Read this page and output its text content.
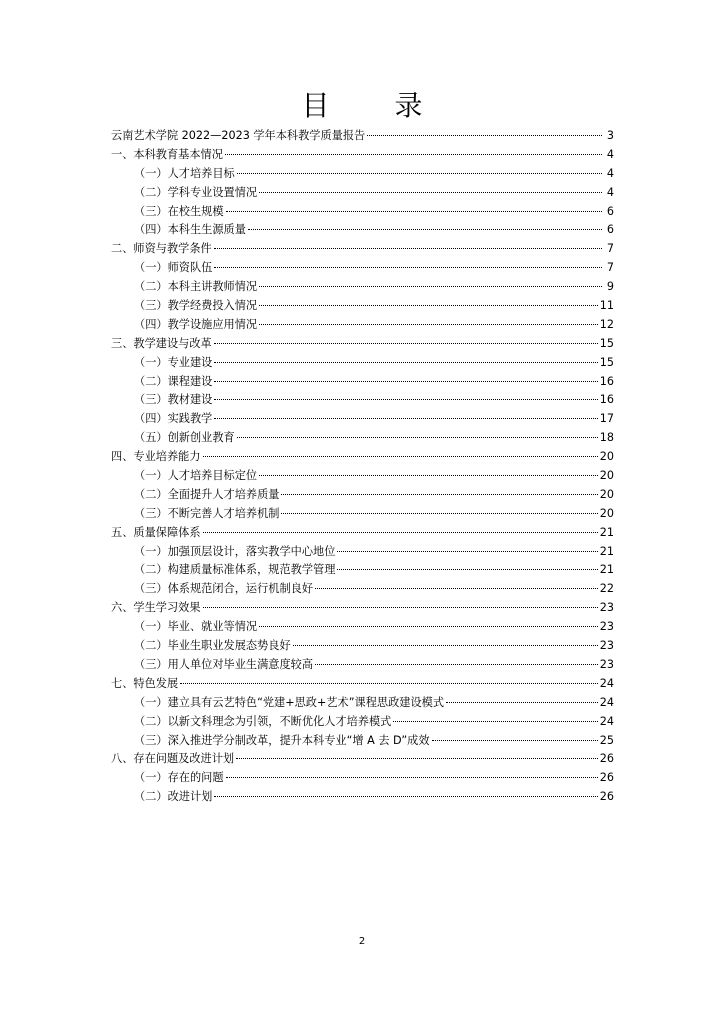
目 录
云南艺术学院 2022—2023 学年本科教学质量报告	3
一、本科教育基本情况	4
（一）人才培养目标	4
（二）学科专业设置情况	4
（三）在校生规模	6
（四）本科生生源质量	6
二、师资与教学条件	7
（一）师资队伍	7
（二）本科主讲教师情况	9
（三）教学经费投入情况	11
（四）教学设施应用情况	12
三、教学建设与改革	15
（一）专业建设	15
（二）课程建设	16
（三）教材建设	16
（四）实践教学	17
（五）创新创业教育	18
四、专业培养能力	20
（一）人才培养目标定位	20
（二）全面提升人才培养质量	20
（三）不断完善人才培养机制	20
五、质量保障体系	21
（一）加强顶层设计，落实教学中心地位	21
（二）构建质量标准体系，规范教学管理	21
（三）体系规范闭合，运行机制良好	22
六、学生学习效果	23
（一）毕业、就业等情况	23
（二）毕业生职业发展态势良好	23
（三）用人单位对毕业生满意度较高	23
七、特色发展	24
（一）建立具有云艺特色“党建+思政+艺术”课程思政建设模式	24
（二）以新文科理念为引领，不断优化人才培养模式	24
（三）深入推进学分制改革，提升本科专业“增 A 去 D”成效	25
八、存在问题及改进计划	26
（一）存在的问题	26
（二）改进计划	26
2
